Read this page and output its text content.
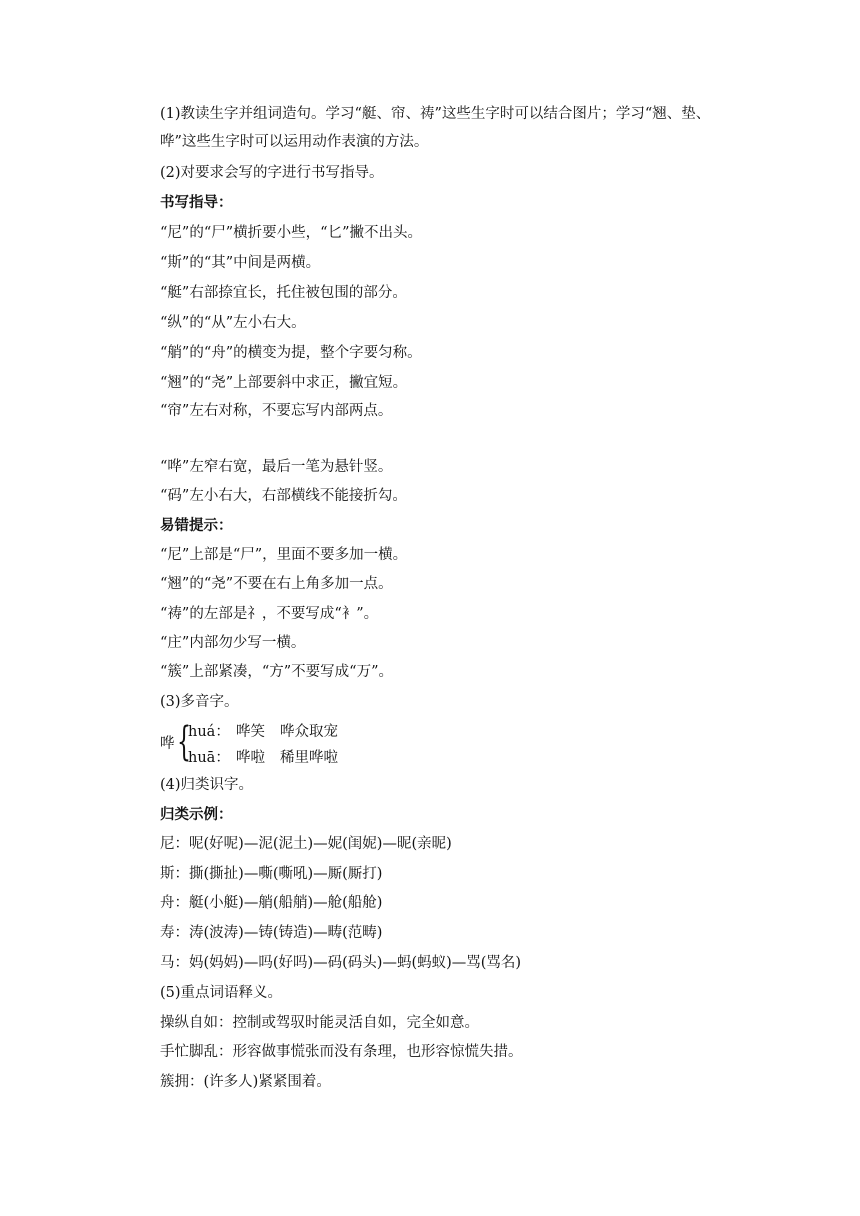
(1)教读生字并组词造句。学习“艇、帘、祷”这些生字时可以结合图片；学习“翘、垫、哗”这些生字时可以运用动作表演的方法。
(2)对要求会写的字进行书写指导。
书写指导：
“尼”的“尸”横折要小些，“匕”撇不出头。
“斯”的“其”中间是两横。
“艇”右部捺宜长，托住被包围的部分。
“纵”的“从”左小右大。
“艄”的“舟”的横变为提，整个字要匀称。
“翘”的“尧”上部要斜中求正，撇宜短。
“帘”左右对称，不要忘写内部两点。
“哗”左窄右宽，最后一笔为悬针竖。
“码”左小右大，右部横线不能接折勾。
易错提示：
“尼”上部是“尸”，里面不要多加一横。
“翘”的“尧”不要在右上角多加一点。
“祷”的左部是礻，不要写成“衤”。
“庄”内部勿少写一横。
“簇”上部紧凑，“方”不要写成“万”。
(3)多音字。
哗 {
huá： 哗笑 哗众取宠
huā： 哗啦 稀里哗啦
(4)归类识字。
归类示例：
尼：呢(好呢)—泥(泥土)—妮(闺妮)—昵(亲昵)
斯：撕(撕扯)—嘶(嘶吼)—厮(厮打)
舟：艇(小艇)—艄(船艄)—舱(船舱)
寿：涛(波涛)—铸(铸造)—畴(范畴)
马：妈(妈妈)—吗(好吗)—码(码头)—蚂(蚂蚁)—骂(骂名)
(5)重点词语释义。
操纵自如：控制或驾驭时能灵活自如，完全如意。
手忙脚乱：形容做事慌张而没有条理，也形容惊慌失措。
簇拥：(许多人)紧紧围着。
